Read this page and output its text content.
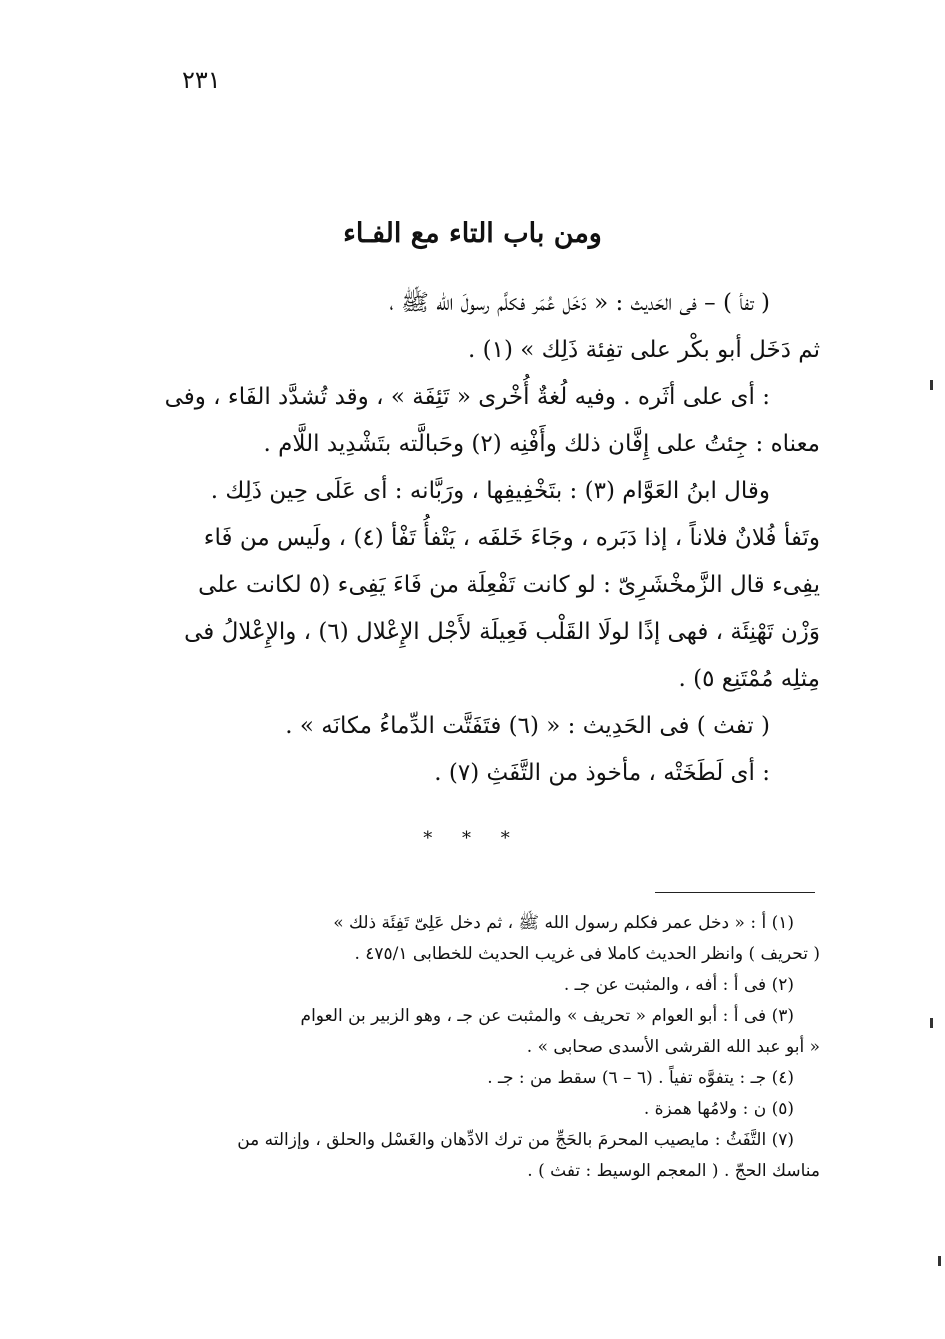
٢٣١
ومن باب التاء مع الفـاء

( تفأ ) – فى الحَديث : « دَخَل عُمَر فكلَّم رسولَ الله ﷺ ،

ثم دَخَل أبو بكْر على تفِئة ذَلِك » (١) .

: أى على أثَره . وفيه لُغةٌ أُخْرى « تَئِفَة » ، وقد تُشدَّد الفَاء ، وفى

معناه : جِئتُ على إِفَّان ذلك وأَفْنِه (٢) وحَبالَّته بتَشْدِيد اللَّام .

وقال ابنُ العَوَّام (٣) : بتَخْفِيفِها ، ورَبَّانه : أى عَلَى حِين ذَلِك .

وتَفأ فُلانٌ فلاناً ، إذا دَبَره ، وجَاءَ خَلفَه ، يَتْفأُ تَفْأ (٤) ، ولَيس من فَاء

يفِىء قال الزَّمخْشَرِىّ : لو كانت تَفْعِلَة من فَاءَ يَفِىء (٥ لكانت على

وَزْن تَهْنِئَة ، فهى إذًا لولَا القَلْب فَعِيلَة لأَجْل الإِعْلال (٦) ، والإِعْلالُ فى

مِثلِه مُمْتَنِع ٥) .

( تفث ) فى الحَدِيث : « (٦) فتَفَتَّت الدِّماءُ مكانَه » .

: أى لَطَخَتْه ، مأخوذ من التَّفَثِ (٧) .

* * *

(١) أ : « دخل عمر فكلم رسول الله ﷺ ، ثم دخل عَلِىّ تَفِئَة ذلك »

( تحريف ) وانظر الحديث كاملا فى غريب الحديث للخطابى ٤٧٥/١ .

(٢) فى أ : أفه ، والمثبت عن جـ .

(٣) فى أ : أبو العوام « تحريف » والمثبت عن جـ ، وهو الزبير بن العوام

« أبو عبد الله القرشى الأسدى صحابى » .

(٤) جـ : يتفوَّه تفياً . (٦ – ٦) سقط من : جـ .

(٥) ن : ولامُها همزة .

(٧) التَّفَثُ : مايصيب المحرمَ بالحَجِّ من ترك الادِّهان والغَسْل والحلق ، وإزالته من

مناسك الحجّ . ( المعجم الوسيط : تفث ) .
